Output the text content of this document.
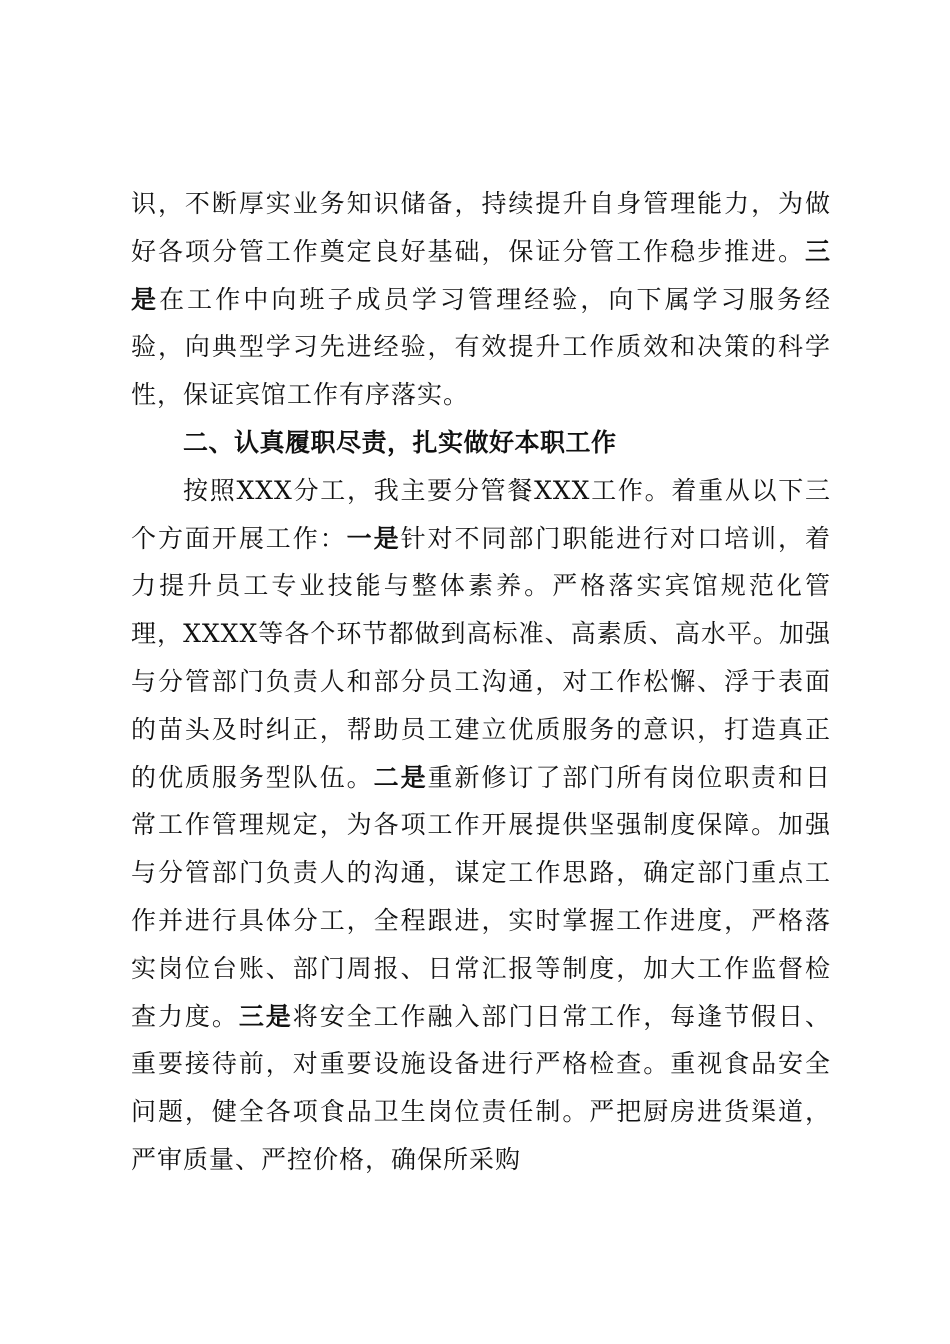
识，不断厚实业务知识储备，持续提升自身管理能力，为做好各项分管工作奠定良好基础，保证分管工作稳步推进。三是在工作中向班子成员学习管理经验，向下属学习服务经验，向典型学习先进经验，有效提升工作质效和决策的科学性，保证宾馆工作有序落实。

二、认真履职尽责，扎实做好本职工作

按照XXX分工，我主要分管餐XXX工作。着重从以下三个方面开展工作：一是针对不同部门职能进行对口培训，着力提升员工专业技能与整体素养。严格落实宾馆规范化管理，XXXX等各个环节都做到高标准、高素质、高水平。加强与分管部门负责人和部分员工沟通，对工作松懈、浮于表面的苗头及时纠正，帮助员工建立优质服务的意识，打造真正的优质服务型队伍。二是重新修订了部门所有岗位职责和日常工作管理规定，为各项工作开展提供坚强制度保障。加强与分管部门负责人的沟通，谋定工作思路，确定部门重点工作并进行具体分工，全程跟进，实时掌握工作进度，严格落实岗位台账、部门周报、日常汇报等制度，加大工作监督检查力度。三是将安全工作融入部门日常工作，每逢节假日、重要接待前，对重要设施设备进行严格检查。重视食品安全问题，健全各项食品卫生岗位责任制。严把厨房进货渠道，严审质量、严控价格，确保所采购
